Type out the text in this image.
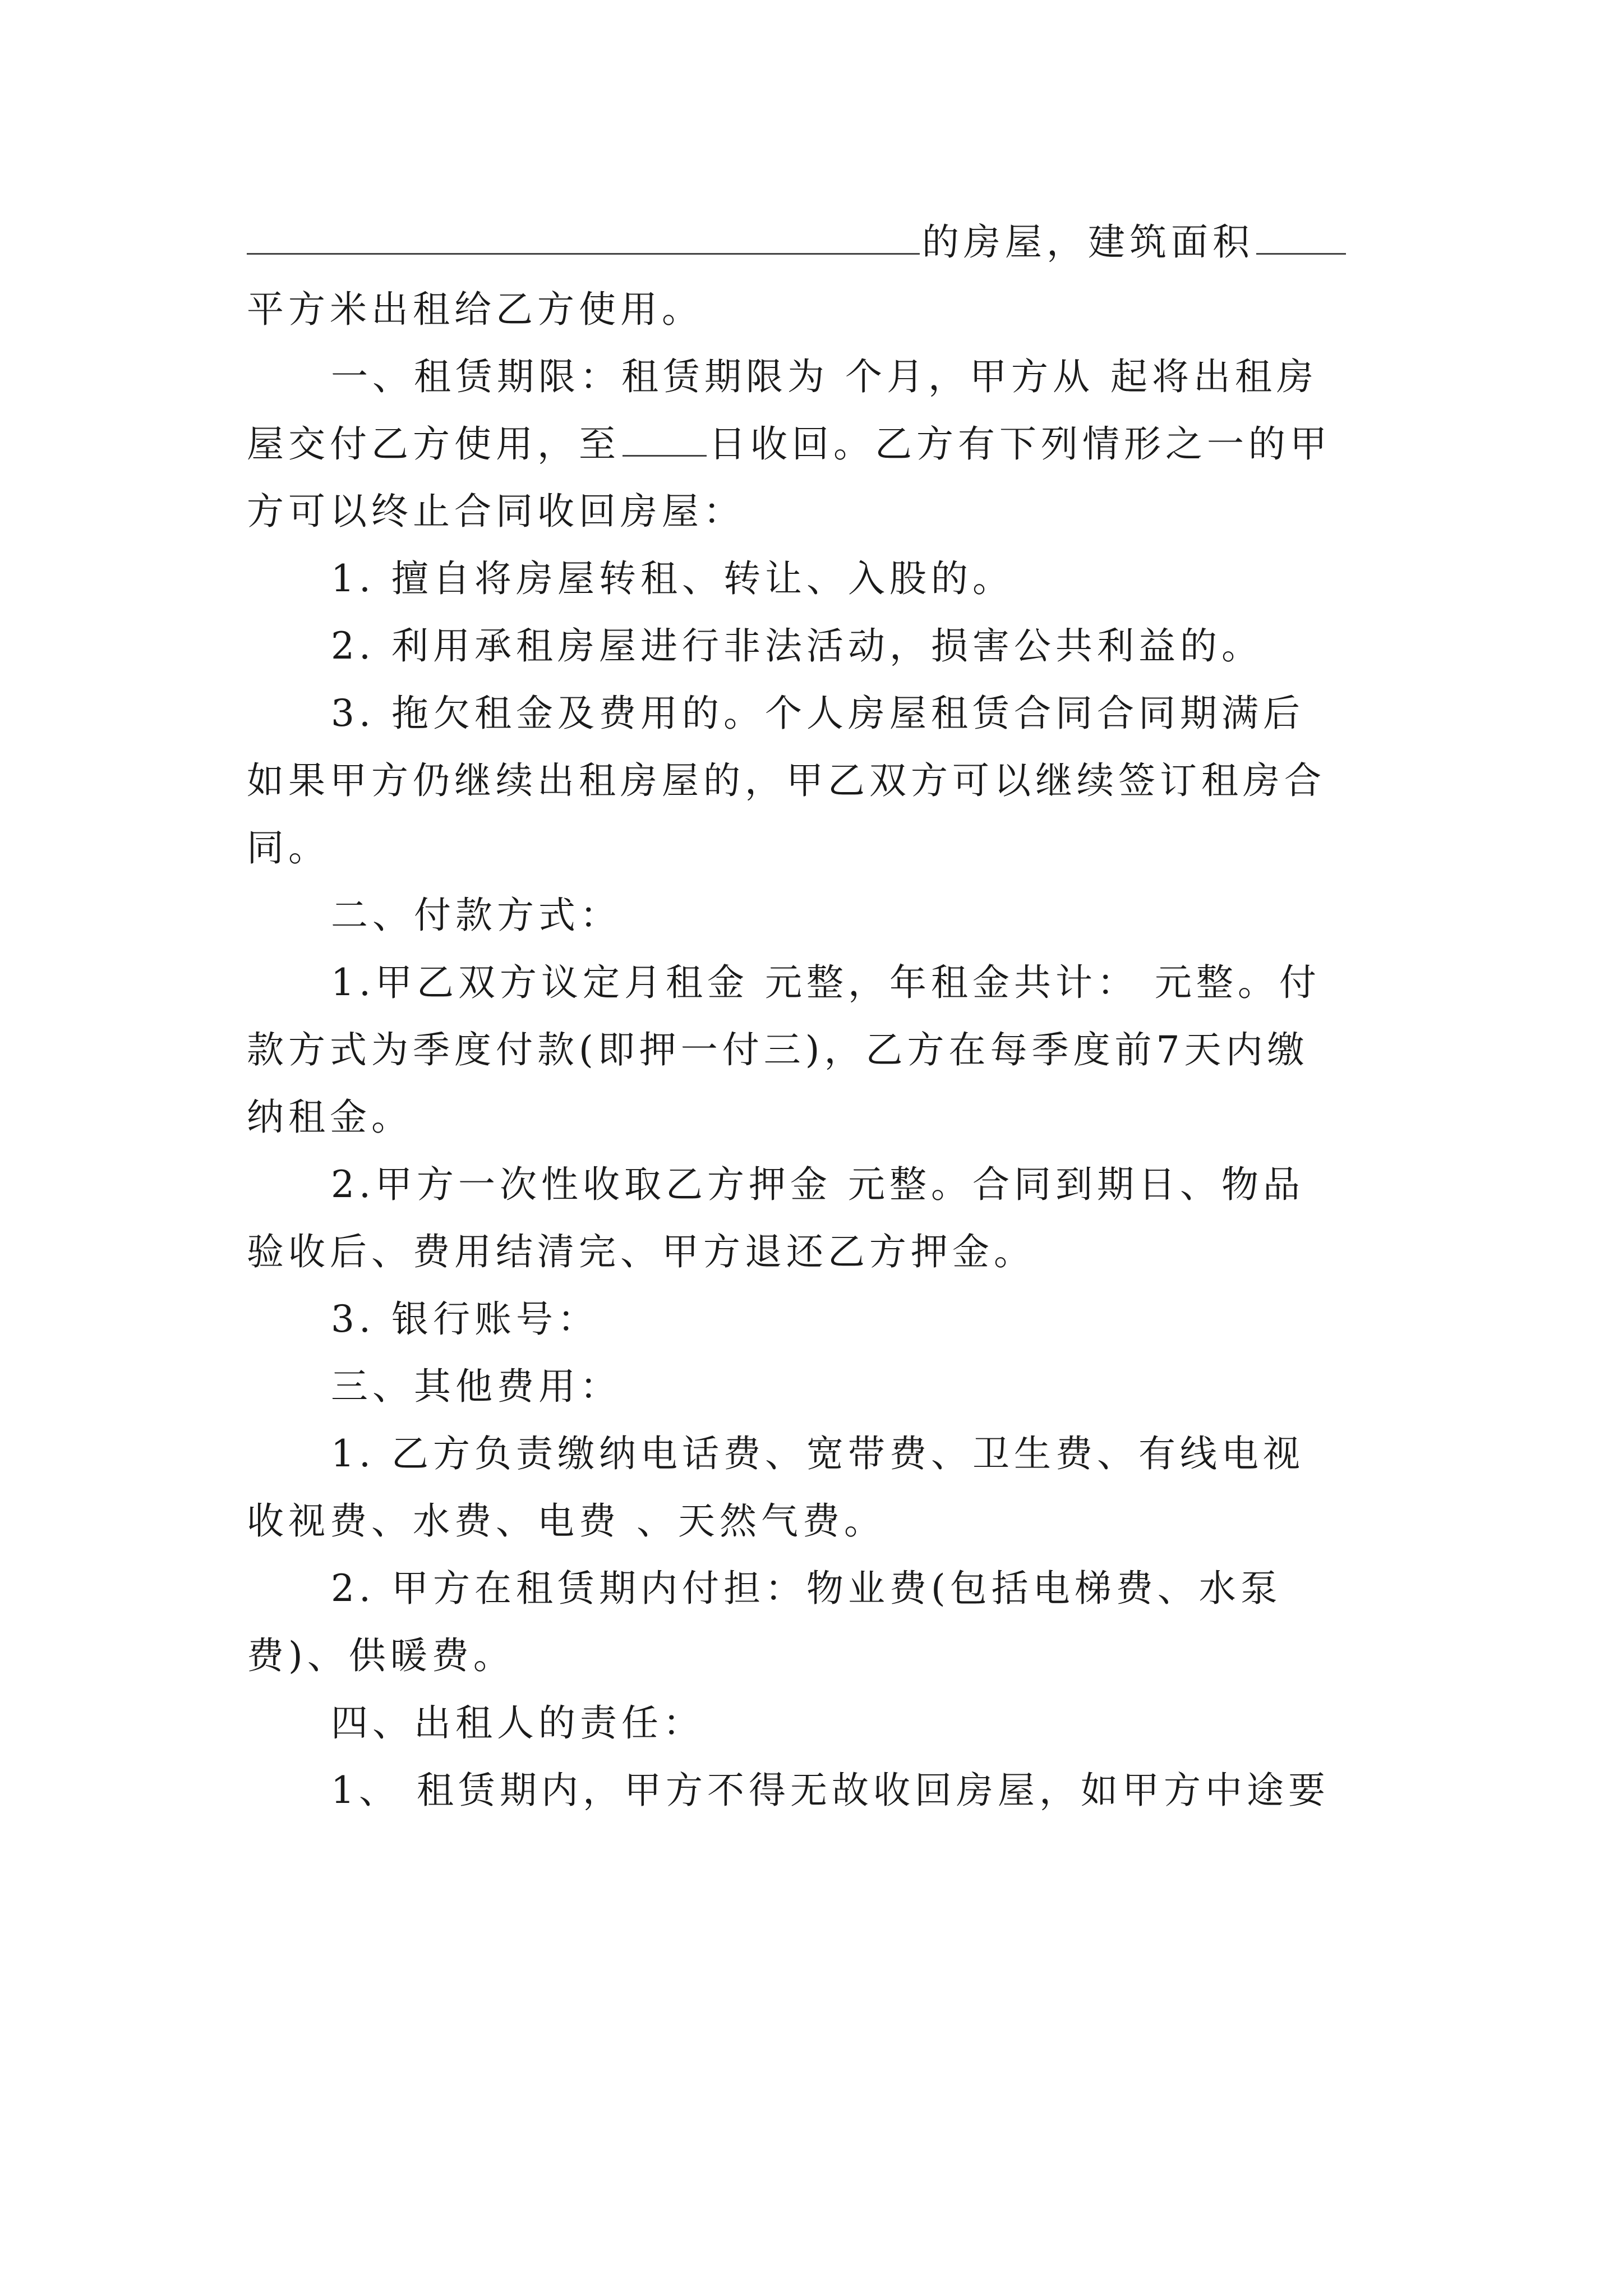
的房屋，建筑面积
平方米出租给乙方使用。
一、租赁期限：租赁期限为 个月，甲方从 起将出租房
屋交付乙方使用，至 日收回。乙方有下列情形之一的甲
方可以终止合同收回房屋：
1. 擅自将房屋转租、转让、入股的。
2. 利用承租房屋进行非法活动，损害公共利益的。
3. 拖欠租金及费用的。个人房屋租赁合同合同期满后
如果甲方仍继续出租房屋的，甲乙双方可以继续签订租房合
同。
二、付款方式：
1.甲乙双方议定月租金 元整，年租金共计： 元整。付
款方式为季度付款(即押一付三)，乙方在每季度前7天内缴
纳租金。
2.甲方一次性收取乙方押金 元整。合同到期日、物品
验收后、费用结清完、甲方退还乙方押金。
3. 银行账号：
三、其他费用：
1. 乙方负责缴纳电话费、宽带费、卫生费、有线电视
收视费、水费、电费 、天然气费。
2. 甲方在租赁期内付担：物业费(包括电梯费、水泵
费)、供暖费。
四、出租人的责任：
1、 租赁期内，甲方不得无故收回房屋，如甲方中途要
